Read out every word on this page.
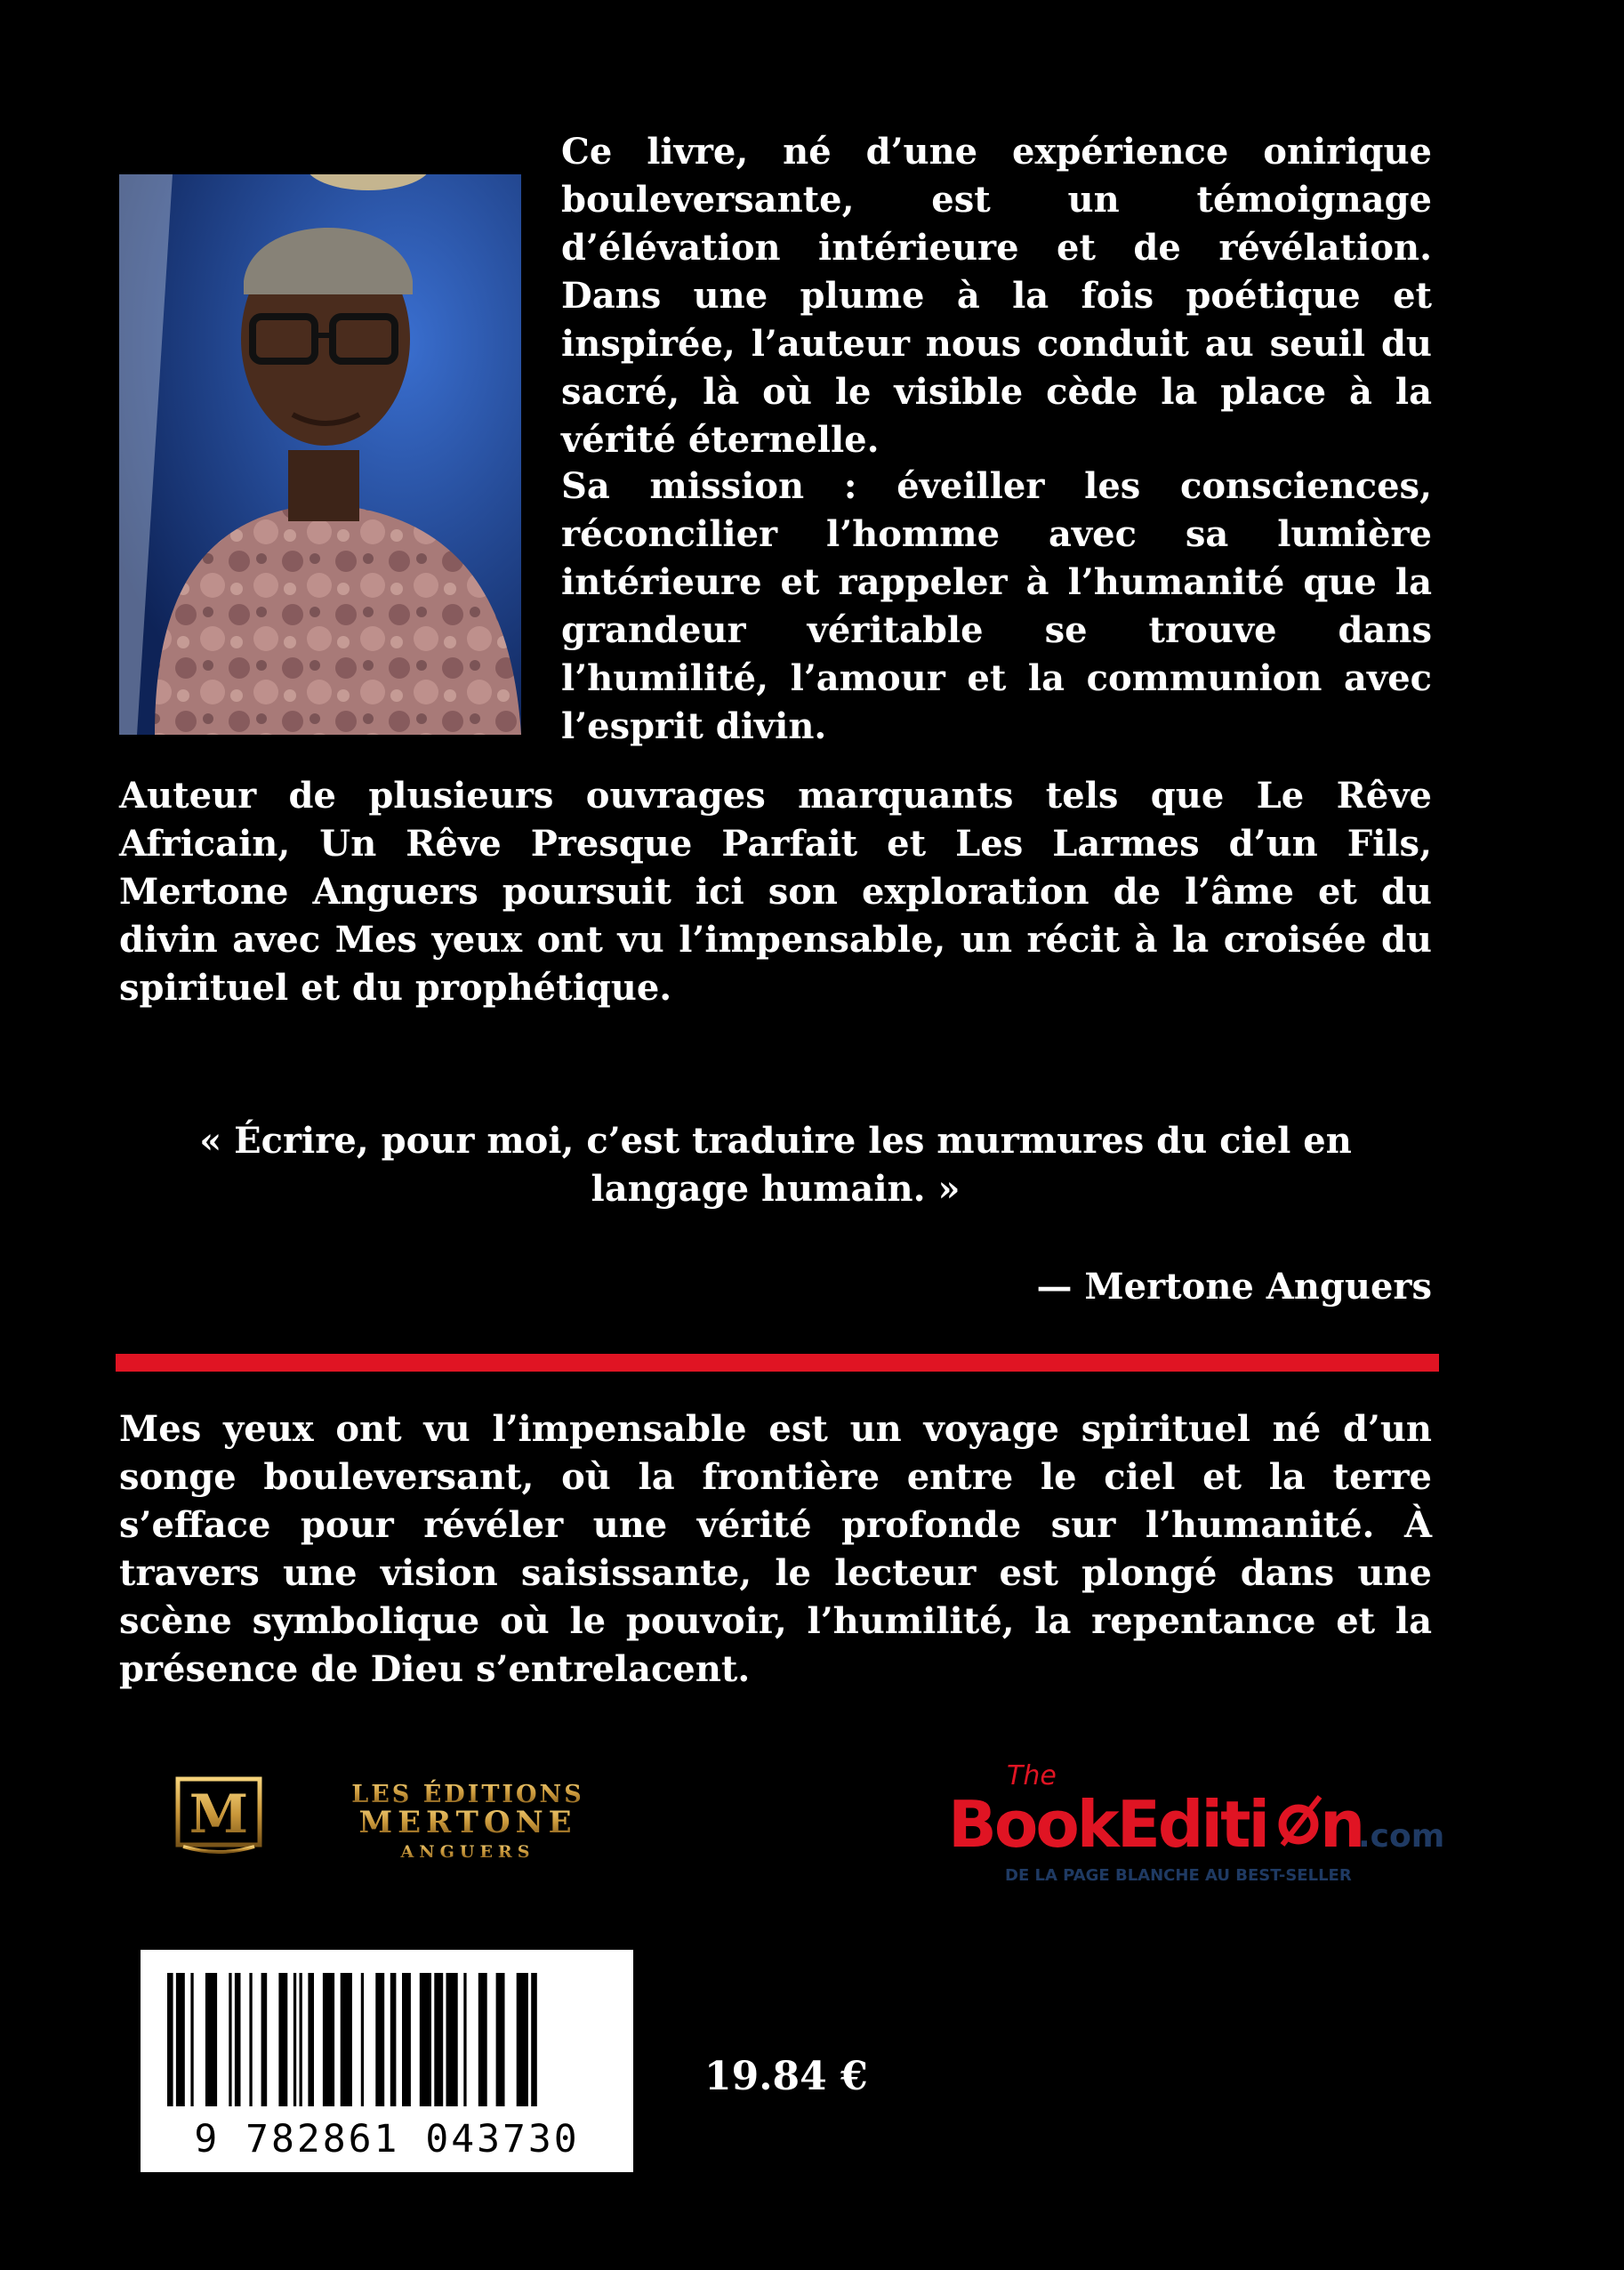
Ce livre, né d’une expérience onirique bouleversante, est un témoignage d’élévation intérieure et de révélation. Dans une plume à la fois poétique et inspirée, l’auteur nous conduit au seuil du sacré, là où le visible cède la place à la vérité éternelle.

Sa mission : éveiller les consciences, réconcilier l’homme avec sa lumière intérieure et rappeler à l’humanité que la grandeur véritable se trouve dans l’humilité, l’amour et la communion avec l’esprit divin.

Auteur de plusieurs ouvrages marquants tels que Le Rêve Africain, Un Rêve Presque Parfait et Les Larmes d’un Fils, Mertone Anguers poursuit ici son exploration de l’âme et du divin avec Mes yeux ont vu l’impensable, un récit à la croisée du spirituel et du prophétique.

« Écrire, pour moi, c’est traduire les murmures du ciel en langage humain. »

— Mertone Anguers

Mes yeux ont vu l’impensable est un voyage spirituel né d’un songe bouleversant, où la frontière entre le ciel et la terre s’efface pour révéler une vérité profonde sur l’humanité. À travers une vision saisissante, le lecteur est plongé dans une scène symbolique où le pouvoir, l’humilité, la repentance et la présence de Dieu s’entrelacent.

M	LES ÉDITIONS
MERTONE
ANGUERS
The
BookEditi n
.com
DE LA PAGE BLANCHE AU BEST-SELLER
9 782861 043730
19.84 €
